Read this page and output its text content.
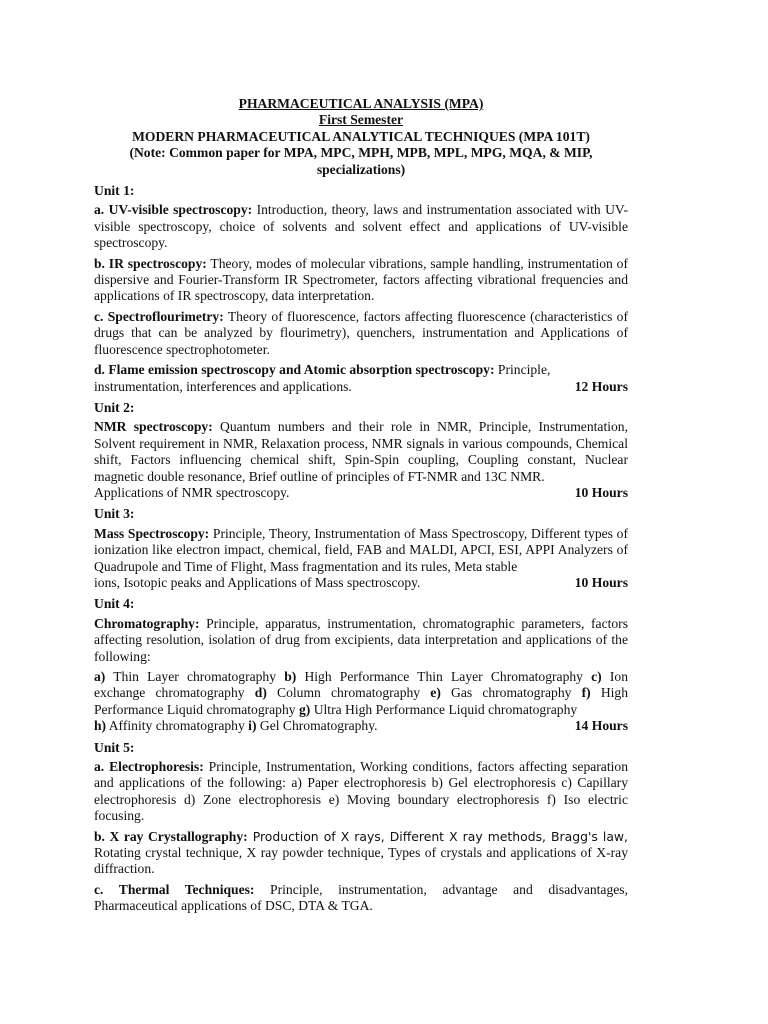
PHARMACEUTICAL ANALYSIS (MPA)
First Semester
MODERN PHARMACEUTICAL ANALYTICAL TECHNIQUES (MPA 101T)
(Note: Common paper for MPA, MPC, MPH, MPB, MPL, MPG, MQA, & MIP,
specializations)
Unit 1:
a. UV-visible spectroscopy: Introduction, theory, laws and instrumentation associated with UV-visible spectroscopy, choice of solvents and solvent effect and applications of UV-visible spectroscopy.
b. IR spectroscopy: Theory, modes of molecular vibrations, sample handling, instrumentation of dispersive and Fourier-Transform IR Spectrometer, factors affecting vibrational frequencies and applications of IR spectroscopy, data interpretation.
c. Spectroflourimetry: Theory of fluorescence, factors affecting fluorescence (characteristics of drugs that can be analyzed by flourimetry), quenchers, instrumentation and Applications of fluorescence spectrophotometer.
d. Flame emission spectroscopy and Atomic absorption spectroscopy: Principle,
12 Hours
instrumentation, interferences and applications.
Unit 2:
NMR spectroscopy: Quantum numbers and their role in NMR, Principle, Instrumentation, Solvent requirement in NMR, Relaxation process, NMR signals in various compounds, Chemical shift, Factors influencing chemical shift, Spin-Spin coupling, Coupling constant, Nuclear magnetic double resonance, Brief outline of principles of FT-NMR and 13C NMR.
10 Hours
Applications of NMR spectroscopy.
Unit 3:
Mass Spectroscopy: Principle, Theory, Instrumentation of Mass Spectroscopy, Different types of ionization like electron impact, chemical, field, FAB and MALDI, APCI, ESI, APPI Analyzers of Quadrupole and Time of Flight, Mass fragmentation and its rules, Meta stable
10 Hours
ions, Isotopic peaks and Applications of Mass spectroscopy.
Unit 4:
Chromatography: Principle, apparatus, instrumentation, chromatographic parameters, factors affecting resolution, isolation of drug from excipients, data interpretation and applications of the following:
a) Thin Layer chromatography b) High Performance Thin Layer Chromatography c) Ion exchange chromatography d) Column chromatography e) Gas chromatography f) High Performance Liquid chromatography g) Ultra High Performance Liquid chromatography
14 Hours
h) Affinity chromatography i) Gel Chromatography.
Unit 5:
a. Electrophoresis: Principle, Instrumentation, Working conditions, factors affecting separation and applications of the following: a) Paper electrophoresis b) Gel electrophoresis c) Capillary electrophoresis d) Zone electrophoresis e) Moving boundary electrophoresis f) Iso electric focusing.
b. X ray Crystallography: Production of X rays, Different X ray methods, Bragg's law, Rotating crystal technique, X ray powder technique, Types of crystals and applications of X-ray diffraction.
c. Thermal Techniques: Principle, instrumentation, advantage and disadvantages, Pharmaceutical applications of DSC, DTA & TGA.
